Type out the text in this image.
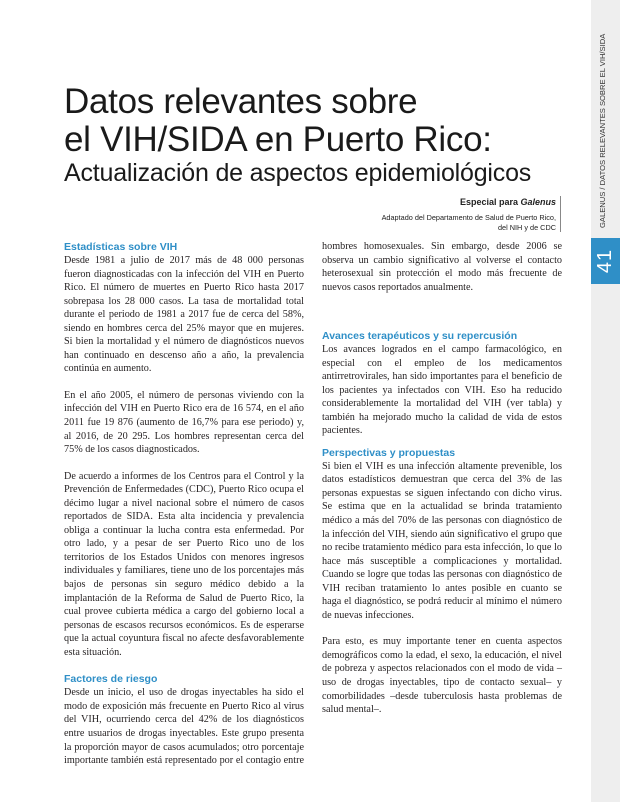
41
GALENUS / DATOS RELEVANTES SOBRE EL VIH/SIDA
Datos relevantes sobre
el VIH/SIDA en Puerto Rico:
Actualización de aspectos epidemiológicos
Especial para Galenus
Adaptado del Departamento de Salud de Puerto Rico,
del NIH y de CDC
Estadísticas sobre VIH

Desde 1981 a julio de 2017 más de 48 000 personas fueron diagnosticadas con la infección del VIH en Puerto Rico. El número de muertes en Puerto Rico hasta 2017 sobrepasa los 28 000 casos. La tasa de mortalidad total durante el periodo de 1981 a 2017 fue de cerca del 58%, siendo en hombres cerca del 25% mayor que en mujeres. Si bien la mortalidad y el número de diagnósticos nuevos han continuado en descenso año a año, la prevalencia continúa en aumento.

En el año 2005, el número de personas viviendo con la infección del VIH en Puerto Rico era de 16 574, en el año 2011 fue 19 876 (aumento de 16,7% para ese periodo) y, al 2016, de 20 295. Los hombres representan cerca del 75% de los casos diagnosticados.

De acuerdo a informes de los Centros para el Control y la Prevención de Enfermedades (CDC), Puerto Rico ocupa el décimo lugar a nivel nacional sobre el número de casos reportados de SIDA. Esta alta incidencia y prevalencia obliga a continuar la lucha contra esta enfermedad. Por otro lado, y a pesar de ser Puerto Rico uno de los territorios de los Estados Unidos con menores ingresos individuales y familiares, tiene uno de los porcentajes más bajos de personas sin seguro médico debido a la implantación de la Reforma de Salud de Puerto Rico, la cual provee cubierta médica a cargo del gobierno local a personas de escasos recursos económicos. Es de esperarse que la actual coyuntura fiscal no afecte desfavorablemente esta situación.

Factores de riesgo

Desde un inicio, el uso de drogas inyectables ha sido el modo de exposición más frecuente en Puerto Rico al virus del VIH, ocurriendo cerca del 42% de los diagnósticos entre usuarios de drogas inyectables. Este grupo presenta la proporción mayor de casos acumulados; otro porcentaje importante también está representado por el contagio entre

hombres homosexuales. Sin embargo, desde 2006 se observa un cambio significativo al volverse el contacto heterosexual sin protección el modo más frecuente de nuevos casos reportados anualmente.

Avances terapéuticos y su repercusión

Los avances logrados en el campo farmacológico, en especial con el empleo de los medicamentos antirretrovirales, han sido importantes para el beneficio de los pacientes ya infectados con VIH. Eso ha reducido considerablemente la mortalidad del VIH (ver tabla) y también ha mejorado mucho la calidad de vida de estos pacientes.

Perspectivas y propuestas

Si bien el VIH es una infección altamente prevenible, los datos estadísticos demuestran que cerca del 3% de las personas expuestas se siguen infectando con dicho virus. Se estima que en la actualidad se brinda tratamiento médico a más del 70% de las personas con diagnóstico de la infección del VIH, siendo aún significativo el grupo que no recibe tratamiento médico para esta infección, lo que lo hace más susceptible a complicaciones y mortalidad. Cuando se logre que todas las personas con diagnóstico de VIH reciban tratamiento lo antes posible en cuanto se haga el diagnóstico, se podrá reducir al mínimo el número de nuevas infecciones.

Para esto, es muy importante tener en cuenta aspectos demográficos como la edad, el sexo, la educación, el nivel de pobreza y aspectos relacionados con el modo de vida –uso de drogas inyectables, tipo de contacto sexual– y comorbilidades –desde tuberculosis hasta problemas de salud mental–.
